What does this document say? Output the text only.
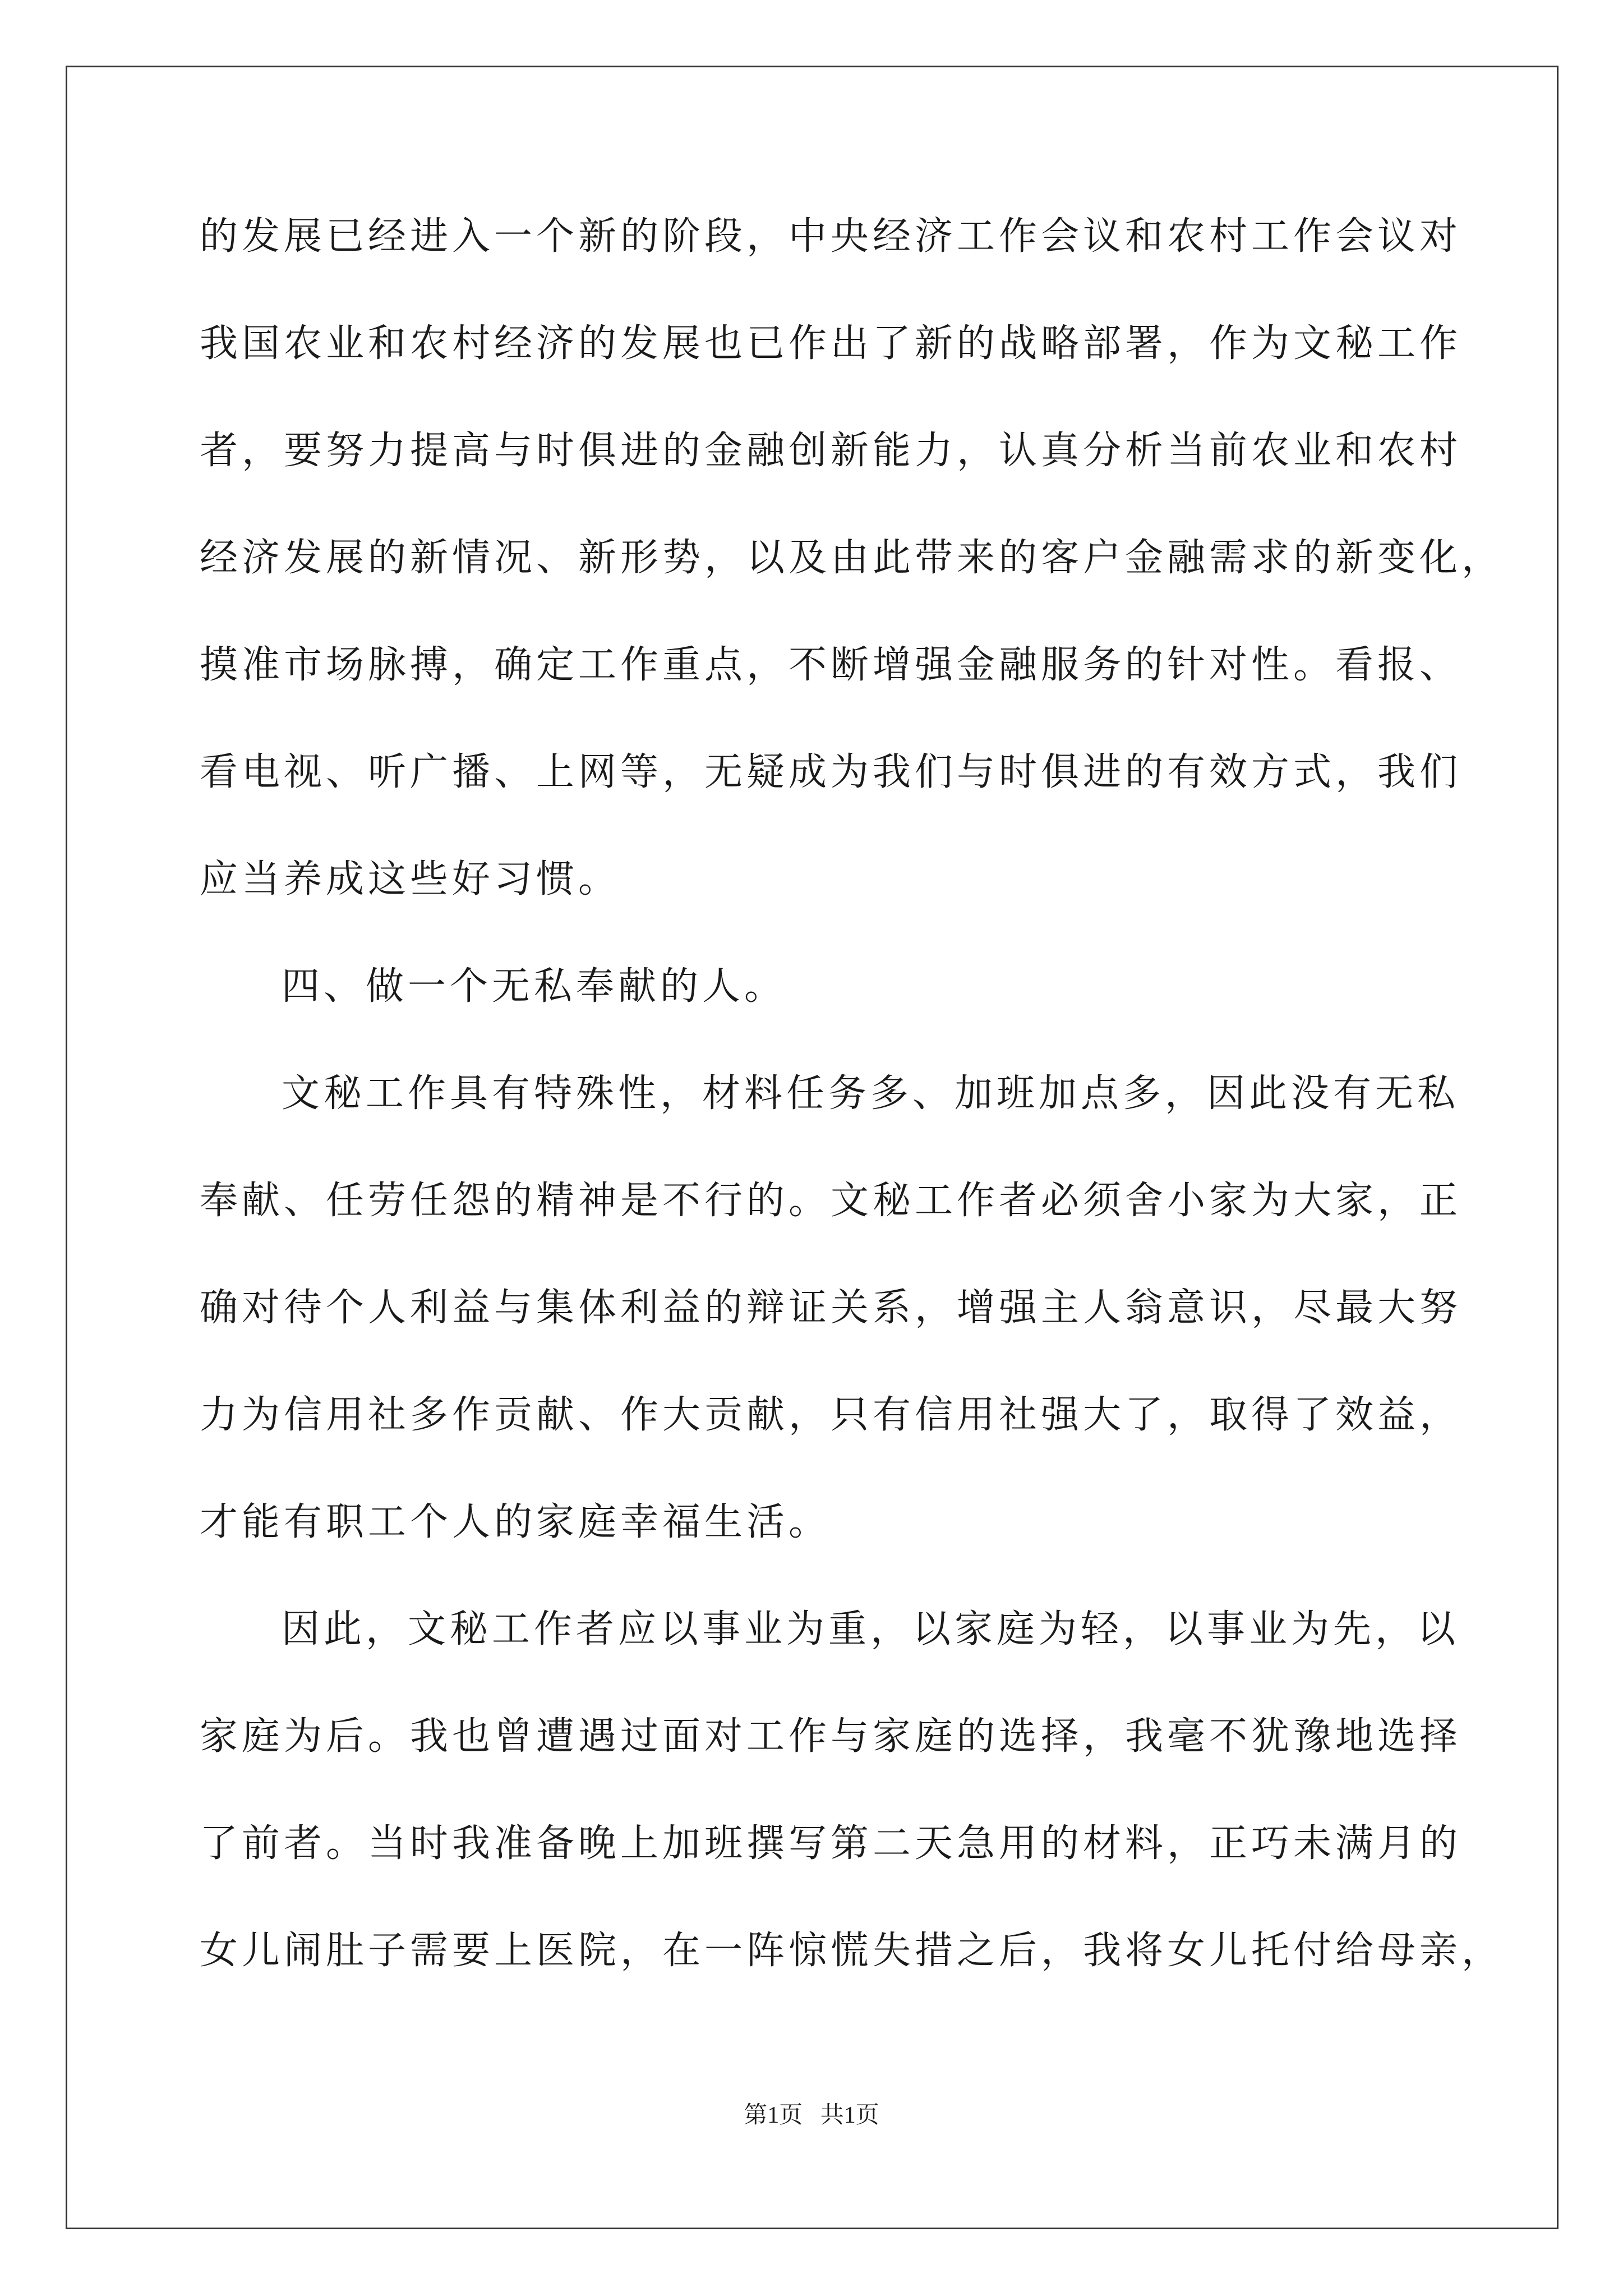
的发展已经进入一个新的阶段，中央经济工作会议和农村工作会议对
我国农业和农村经济的发展也已作出了新的战略部署，作为文秘工作
者，要努力提高与时俱进的金融创新能力，认真分析当前农业和农村
经济发展的新情况、新形势，以及由此带来的客户金融需求的新变化，
摸准市场脉搏，确定工作重点，不断增强金融服务的针对性。看报、
看电视、听广播、上网等，无疑成为我们与时俱进的有效方式，我们
应当养成这些好习惯。
四、做一个无私奉献的人。
文秘工作具有特殊性，材料任务多、加班加点多，因此没有无私
奉献、任劳任怨的精神是不行的。文秘工作者必须舍小家为大家，正
确对待个人利益与集体利益的辩证关系，增强主人翁意识，尽最大努
力为信用社多作贡献、作大贡献，只有信用社强大了，取得了效益，
才能有职工个人的家庭幸福生活。
因此，文秘工作者应以事业为重，以家庭为轻，以事业为先，以
家庭为后。我也曾遭遇过面对工作与家庭的选择，我毫不犹豫地选择
了前者。当时我准备晚上加班撰写第二天急用的材料，正巧未满月的
女儿闹肚子需要上医院，在一阵惊慌失措之后，我将女儿托付给母亲，
第1页   共1页
